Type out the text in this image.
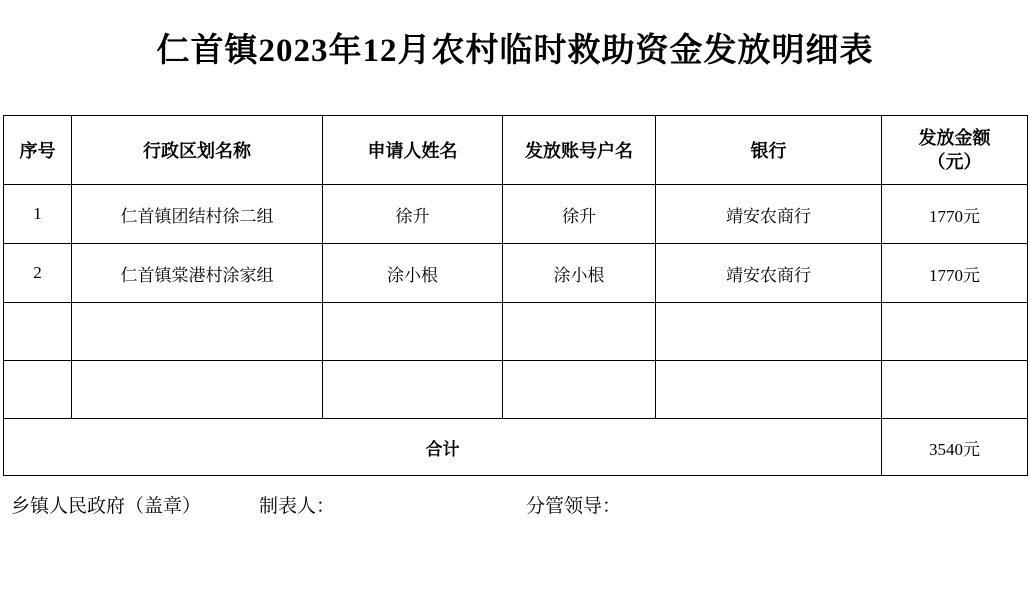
仁首镇2023年12月农村临时救助资金发放明细表

序号	行政区划名称	申请人姓名	发放账号户名	银行	发放金额
（元）

1	仁首镇团结村徐二组	徐升	徐升	靖安农商行	1770元
2	仁首镇棠港村涂家组	涂小根	涂小根	靖安农商行	1770元

合计					3540元
乡镇人民政府（盖章）	制表人：	分管领导：
